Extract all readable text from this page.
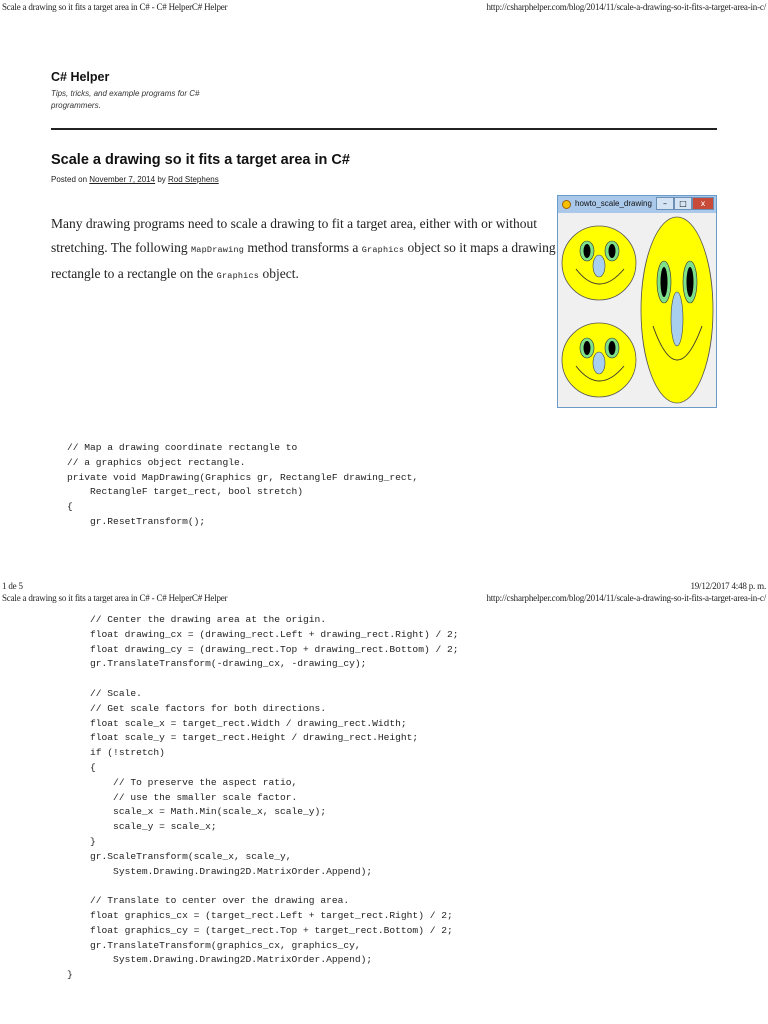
Scale a drawing so it fits a target area in C# - C# HelperC# Helper	http://csharphelper.com/blog/2014/11/scale-a-drawing-so-it-fits-a-target-area-in-c/
C# Helper
Tips, tricks, and example programs for C# programmers.
Scale a drawing so it fits a target area in C#
Posted on November 7, 2014 by Rod Stephens
Many drawing programs need to scale a drawing to fit a target area, either with or without stretching. The following MapDrawing method transforms a Graphics object so it maps a drawing rectangle to a rectangle on the Graphics object.
howto_scale_drawing	–	□	x
// Map a drawing coordinate rectangle to
// a graphics object rectangle.
private void MapDrawing(Graphics gr, RectangleF drawing_rect,
RectangleF target_rect, bool stretch)
{
gr.ResetTransform();
1 de 5	19/12/2017 4:48 p. m.
Scale a drawing so it fits a target area in C# - C# HelperC# Helper	http://csharphelper.com/blog/2014/11/scale-a-drawing-so-it-fits-a-target-area-in-c/
// Center the drawing area at the origin.
float drawing_cx = (drawing_rect.Left + drawing_rect.Right) / 2;
float drawing_cy = (drawing_rect.Top + drawing_rect.Bottom) / 2;
gr.TranslateTransform(-drawing_cx, -drawing_cy);

// Scale.
// Get scale factors for both directions.
float scale_x = target_rect.Width / drawing_rect.Width;
float scale_y = target_rect.Height / drawing_rect.Height;
if (!stretch)
{
// To preserve the aspect ratio,
// use the smaller scale factor.
scale_x = Math.Min(scale_x, scale_y);
scale_y = scale_x;
}
gr.ScaleTransform(scale_x, scale_y,
System.Drawing.Drawing2D.MatrixOrder.Append);

// Translate to center over the drawing area.
float graphics_cx = (target_rect.Left + target_rect.Right) / 2;
float graphics_cy = (target_rect.Top + target_rect.Bottom) / 2;
gr.TranslateTransform(graphics_cx, graphics_cy,
System.Drawing.Drawing2D.MatrixOrder.Append);
}
